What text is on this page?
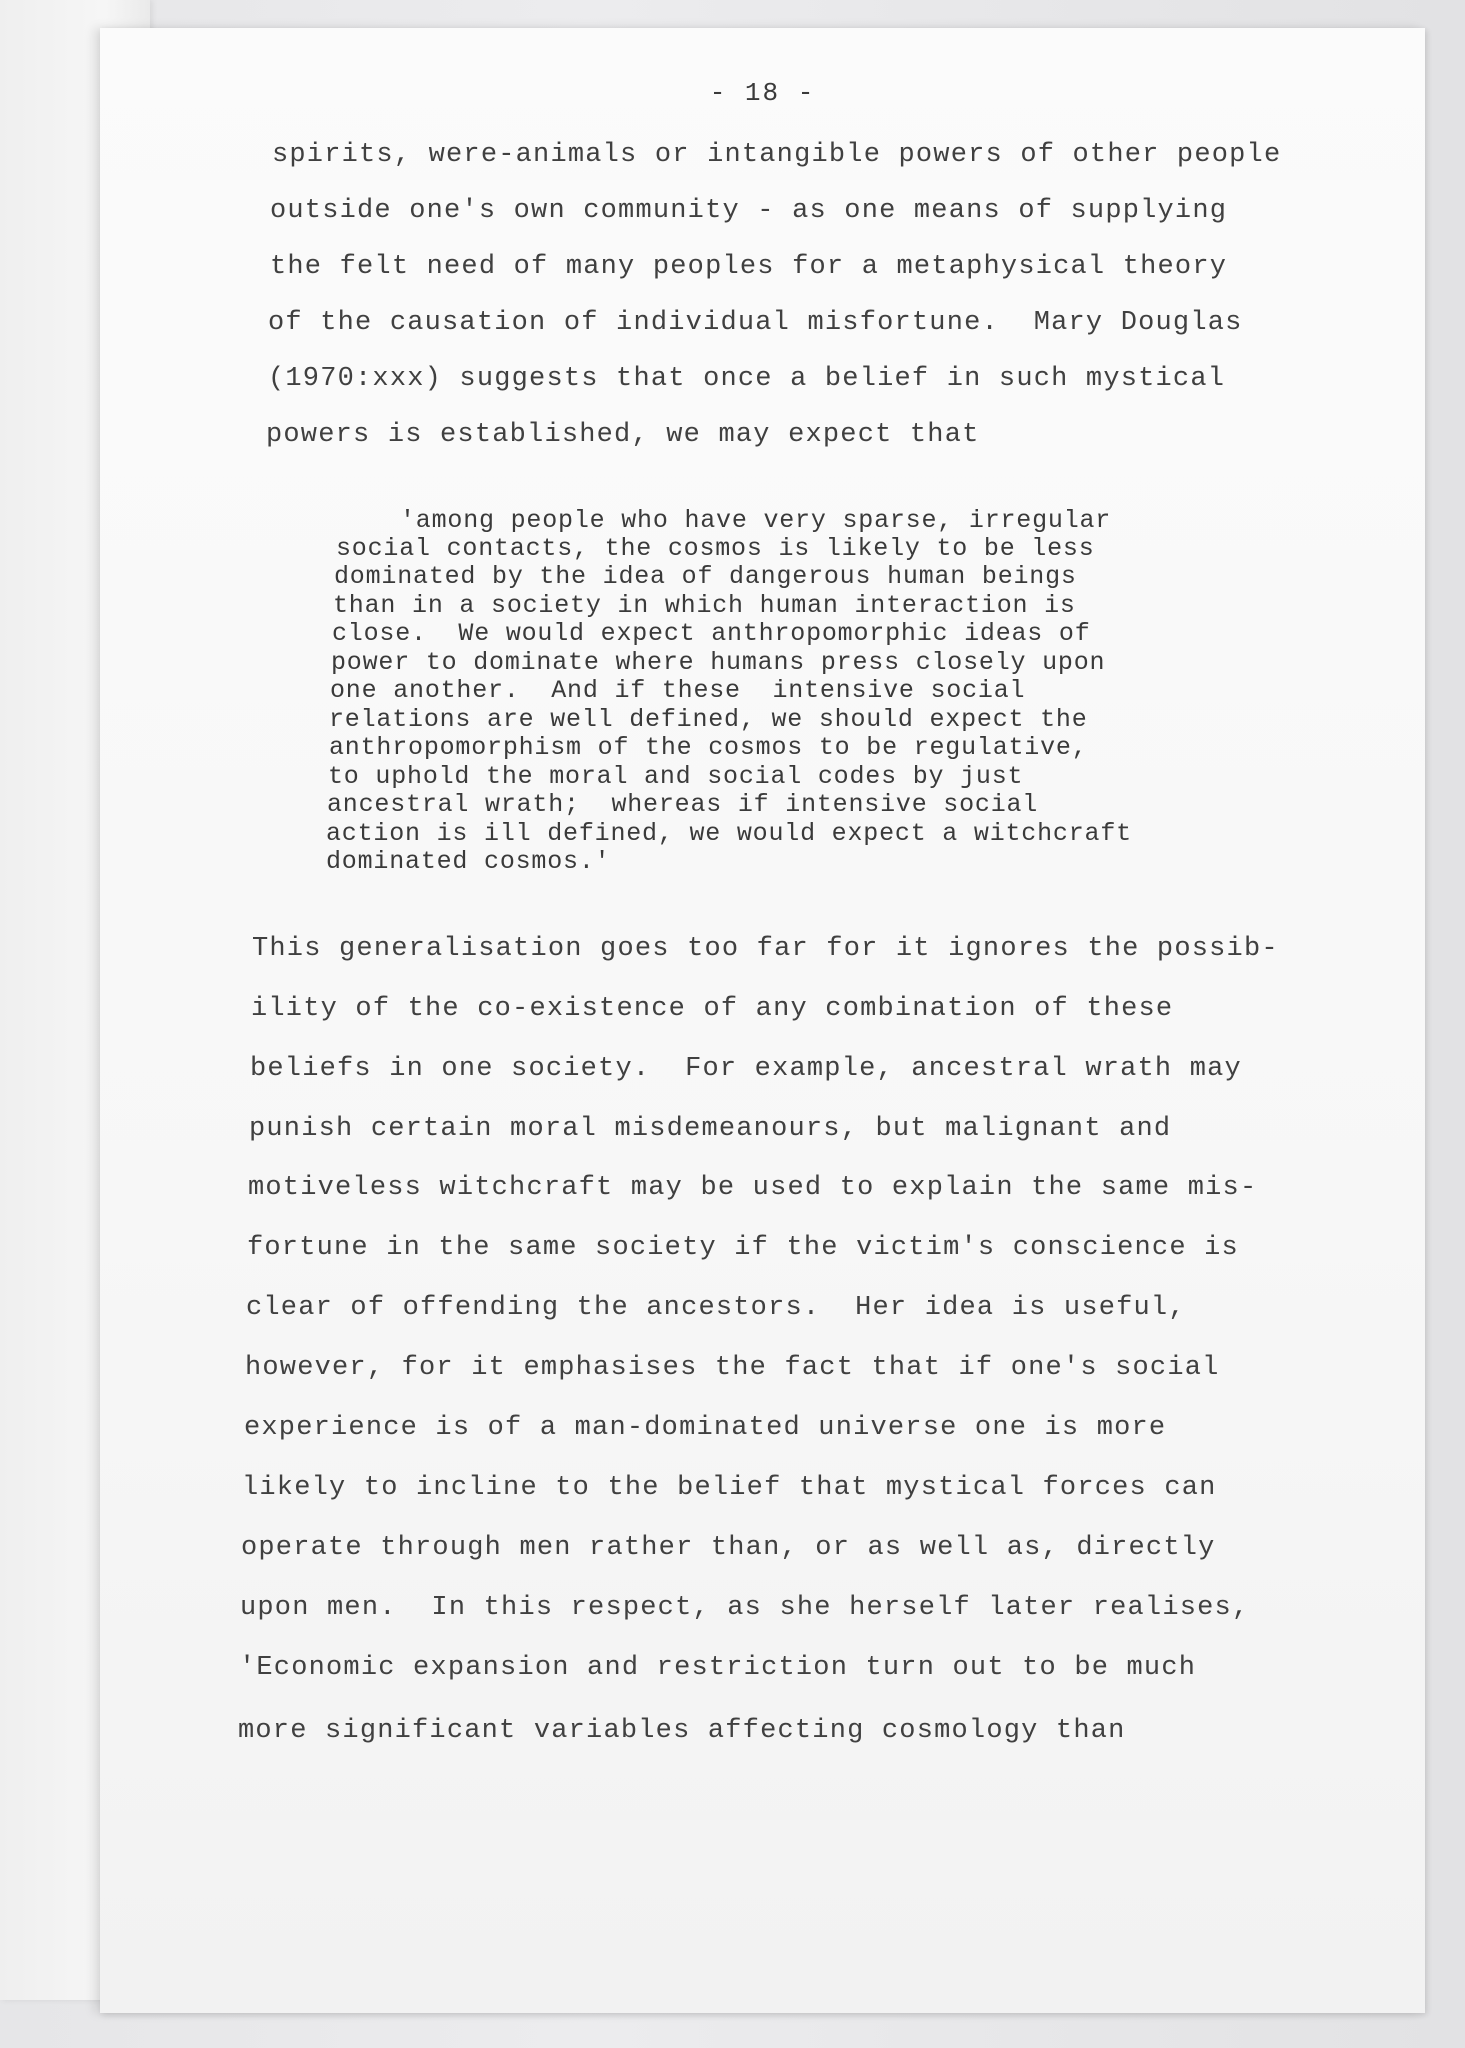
- 18 -
spirits, were-animals or intangible powers of other people
outside one's own community - as one means of supplying
the felt need of many peoples for a metaphysical theory
of the causation of individual misfortune.  Mary Douglas
(1970:xxx) suggests that once a belief in such mystical
powers is established, we may expect that
'among people who have very sparse, irregular
social contacts, the cosmos is likely to be less
dominated by the idea of dangerous human beings
than in a society in which human interaction is
close.  We would expect anthropomorphic ideas of
power to dominate where humans press closely upon
one another.  And if these  intensive social
relations are well defined, we should expect the
anthropomorphism of the cosmos to be regulative,
to uphold the moral and social codes by just
ancestral wrath;  whereas if intensive social
action is ill defined, we would expect a witchcraft
dominated cosmos.'
This generalisation goes too far for it ignores the possib-
ility of the co-existence of any combination of these
beliefs in one society.  For example, ancestral wrath may
punish certain moral misdemeanours, but malignant and
motiveless witchcraft may be used to explain the same mis-
fortune in the same society if the victim's conscience is
clear of offending the ancestors.  Her idea is useful,
however, for it emphasises the fact that if one's social
experience is of a man-dominated universe one is more
likely to incline to the belief that mystical forces can
operate through men rather than, or as well as, directly
upon men.  In this respect, as she herself later realises,
'Economic expansion and restriction turn out to be much
more significant variables affecting cosmology than
